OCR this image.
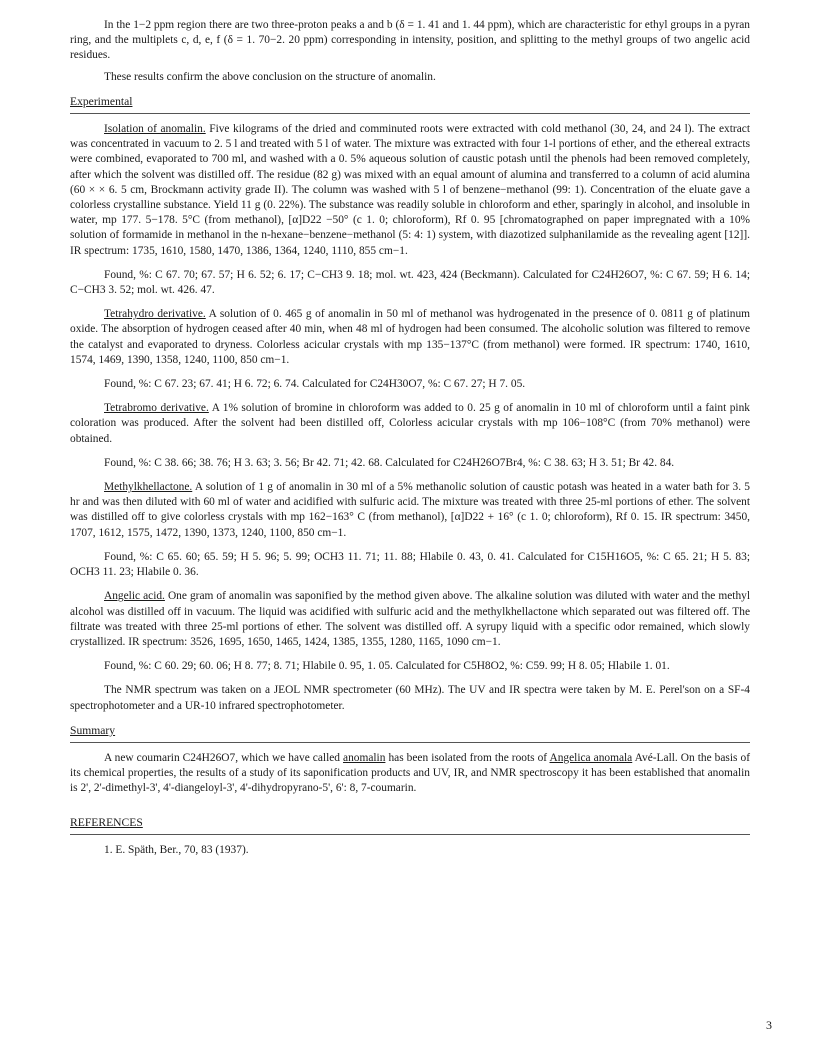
In the 1−2 ppm region there are two three-proton peaks a and b (δ = 1. 41 and 1. 44 ppm), which are characteristic for ethyl groups in a pyran ring, and the multiplets c, d, e, f (δ = 1. 70−2. 20 ppm) corresponding in intensity, position, and splitting to the methyl groups of two angelic acid residues.

These results confirm the above conclusion on the structure of anomalin.

Experimental

Isolation of anomalin. Five kilograms of the dried and comminuted roots were extracted with cold methanol (30, 24, and 24 l). The extract was concentrated in vacuum to 2. 5 l and treated with 5 l of water. The mixture was extracted with four 1-l portions of ether, and the ethereal extracts were combined, evaporated to 700 ml, and washed with a 0. 5% aqueous solution of caustic potash until the phenols had been removed completely, after which the solvent was distilled off. The residue (82 g) was mixed with an equal amount of alumina and transferred to a column of acid alumina (60 × × 6. 5 cm, Brockmann activity grade II). The column was washed with 5 l of benzene−methanol (99: 1). Concentration of the eluate gave a colorless crystalline substance. Yield 11 g (0. 22%). The substance was readily soluble in chloroform and ether, sparingly in alcohol, and insoluble in water, mp 177. 5−178. 5°C (from methanol), [α]D22 −50° (c 1. 0; chloroform), Rf 0. 95 [chromatographed on paper impregnated with a 10% solution of formamide in methanol in the n-hexane−benzene−methanol (5: 4: 1) system, with diazotized sulphanilamide as the revealing agent [12]]. IR spectrum: 1735, 1610, 1580, 1470, 1386, 1364, 1240, 1110, 855 cm−1.

Found, %: C 67. 70; 67. 57; H 6. 52; 6. 17; C−CH3 9. 18; mol. wt. 423, 424 (Beckmann). Calculated for C24H26O7, %: C 67. 59; H 6. 14; C−CH3 3. 52; mol. wt. 426. 47.

Tetrahydro derivative. A solution of 0. 465 g of anomalin in 50 ml of methanol was hydrogenated in the presence of 0. 0811 g of platinum oxide. The absorption of hydrogen ceased after 40 min, when 48 ml of hydrogen had been consumed. The alcoholic solution was filtered to remove the catalyst and evaporated to dryness. Colorless acicular crystals with mp 135−137°C (from methanol) were formed. IR spectrum: 1740, 1610, 1574, 1469, 1390, 1358, 1240, 1100, 850 cm−1.

Found, %: C 67. 23; 67. 41; H 6. 72; 6. 74. Calculated for C24H30O7, %: C 67. 27; H 7. 05.

Tetrabromo derivative. A 1% solution of bromine in chloroform was added to 0. 25 g of anomalin in 10 ml of chloroform until a faint pink coloration was produced. After the solvent had been distilled off, Colorless acicular crystals with mp 106−108°C (from 70% methanol) were obtained.

Found, %: C 38. 66; 38. 76; H 3. 63; 3. 56; Br 42. 71; 42. 68. Calculated for C24H26O7Br4, %: C 38. 63; H 3. 51; Br 42. 84.

Methylkhellactone. A solution of 1 g of anomalin in 30 ml of a 5% methanolic solution of caustic potash was heated in a water bath for 3. 5 hr and was then diluted with 60 ml of water and acidified with sulfuric acid. The mixture was treated with three 25-ml portions of ether. The solvent was distilled off to give colorless crystals with mp 162−163° C (from methanol), [α]D22 + 16° (c 1. 0; chloroform), Rf 0. 15. IR spectrum: 3450, 1707, 1612, 1575, 1472, 1390, 1373, 1240, 1100, 850 cm−1.

Found, %: C 65. 60; 65. 59; H 5. 96; 5. 99; OCH3 11. 71; 11. 88; Hlabile 0. 43, 0. 41. Calculated for C15H16O5, %: C 65. 21; H 5. 83; OCH3 11. 23; Hlabile 0. 36.

Angelic acid. One gram of anomalin was saponified by the method given above. The alkaline solution was diluted with water and the methyl alcohol was distilled off in vacuum. The liquid was acidified with sulfuric acid and the methylkhellactone which separated out was filtered off. The filtrate was treated with three 25-ml portions of ether. The solvent was distilled off. A syrupy liquid with a specific odor remained, which slowly crystallized. IR spectrum: 3526, 1695, 1650, 1465, 1424, 1385, 1355, 1280, 1165, 1090 cm−1.

Found, %: C 60. 29; 60. 06; H 8. 77; 8. 71; Hlabile 0. 95, 1. 05. Calculated for C5H8O2, %: C59. 99; H 8. 05; Hlabile 1. 01.

The NMR spectrum was taken on a JEOL NMR spectrometer (60 MHz). The UV and IR spectra were taken by M. E. Perel'son on a SF-4 spectrophotometer and a UR-10 infrared spectrophotometer.

Summary

A new coumarin C24H26O7, which we have called anomalin has been isolated from the roots of Angelica anomala Avé-Lall. On the basis of its chemical properties, the results of a study of its saponification products and UV, IR, and NMR spectroscopy it has been established that anomalin is 2', 2'-dimethyl-3', 4'-diangeloyl-3', 4'-dihydropyrano-5', 6': 8, 7-coumarin.

REFERENCES

1. E. Späth, Ber., 70, 83 (1937).

3
